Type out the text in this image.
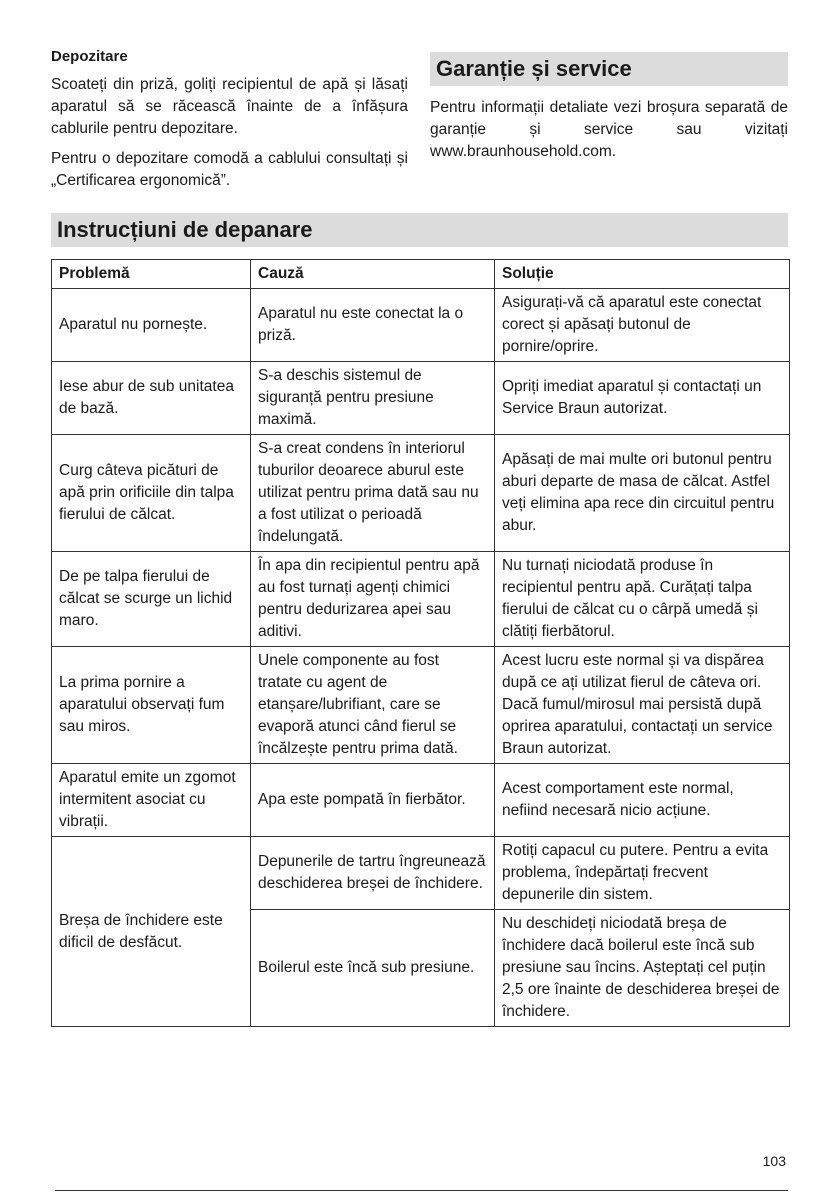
Depozitare

Scoateți din priză, goliți recipientul de apă și lăsați aparatul să se răcească înainte de a înfășura cablurile pentru depozitare.

Pentru o depozitare comodă a cablului consultați și „Certificarea ergonomică”.

Garanție și service

Pentru informații detaliate vezi broșura separată de garanție și service sau vizitați www.braunhousehold.com.

Instrucțiuni de depanare
Problemă	Cauză	Soluție
Aparatul nu pornește.	Aparatul nu este conectat la o priză.	Asigurați-vă că aparatul este conectat corect și apăsați butonul de pornire/oprire.
Iese abur de sub unitatea de bază.	S-a deschis sistemul de siguranță pentru presiune maximă.	Opriți imediat aparatul și contactați un Service Braun autorizat.
Curg câteva picături de apă prin orificiile din talpa fierului de călcat.	S-a creat condens în interiorul tuburilor deoarece aburul este utilizat pentru prima dată sau nu a fost utilizat o perioadă îndelungată.	Apăsați de mai multe ori butonul pentru aburi departe de masa de călcat. Astfel veți elimina apa rece din circuitul pentru abur.
De pe talpa fierului de călcat se scurge un lichid maro.	În apa din recipientul pentru apă au fost turnați agenți chimici pentru dedurizarea apei sau aditivi.	Nu turnați niciodată produse în recipientul pentru apă. Curățați talpa fierului de călcat cu o cârpă umedă și clătiți fierbătorul.
La prima pornire a aparatului observați fum sau miros.	Unele componente au fost tratate cu agent de etanșare/lubrifiant, care se evaporă atunci când fierul se încălzește pentru prima dată.	Acest lucru este normal și va dispărea după ce ați utilizat fierul de câteva ori. Dacă fumul/mirosul mai persistă după oprirea aparatului, contactați un service Braun autorizat.
Aparatul emite un zgomot intermitent asociat cu vibrații.	Apa este pompată în fierbător.	Acest comportament este normal, nefiind necesară nicio acțiune.
Breșa de închidere este dificil de desfăcut.	Depunerile de tartru îngreunează deschiderea breșei de închidere.	Rotiți capacul cu putere. Pentru a evita problema, îndepărtați frecvent depunerile din sistem.
	Boilerul este încă sub presiune.	Nu deschideți niciodată breșa de închidere dacă boilerul este încă sub presiune sau încins. Așteptați cel puțin 2,5 ore înainte de deschiderea breșei de închidere.
103
